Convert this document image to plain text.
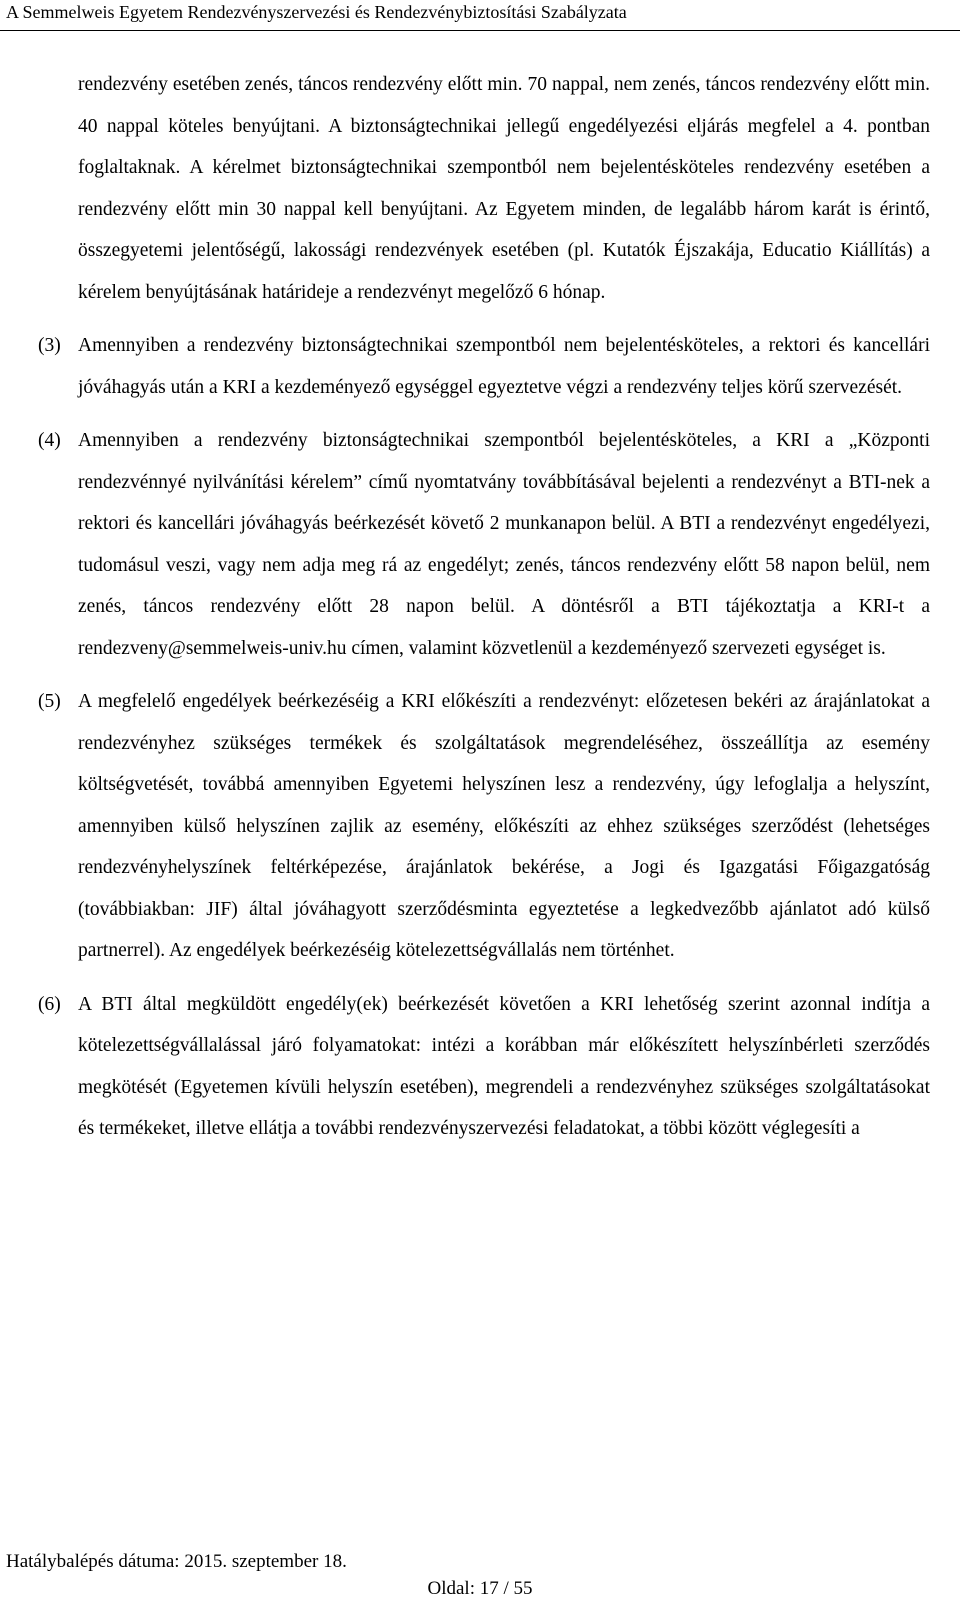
A Semmelweis Egyetem Rendezvényszervezési és Rendezvénybiztosítási Szabályzata

rendezvény esetében zenés, táncos rendezvény előtt min. 70 nappal, nem zenés, táncos rendezvény előtt min. 40 nappal köteles benyújtani. A biztonságtechnikai jellegű engedélyezési eljárás megfelel a 4. pontban foglaltaknak. A kérelmet biztonságtechnikai szempontból nem bejelentésköteles rendezvény esetében a rendezvény előtt min 30 nappal kell benyújtani. Az Egyetem minden, de legalább három karát is érintő, összegyetemi jelentőségű, lakossági rendezvények esetében (pl. Kutatók Éjszakája, Educatio Kiállítás) a kérelem benyújtásának határideje a rendezvényt megelőző 6 hónap.

(3) Amennyiben a rendezvény biztonságtechnikai szempontból nem bejelentésköteles, a rektori és kancellári jóváhagyás után a KRI a kezdeményező egységgel egyeztetve végzi a rendezvény teljes körű szervezését.

(4) Amennyiben a rendezvény biztonságtechnikai szempontból bejelentésköteles, a KRI a „Központi rendezvénnyé nyilvánítási kérelem” című nyomtatvány továbbításával bejelenti a rendezvényt a BTI-nek a rektori és kancellári jóváhagyás beérkezését követő 2 munkanapon belül. A BTI a rendezvényt engedélyezi, tudomásul veszi, vagy nem adja meg rá az engedélyt; zenés, táncos rendezvény előtt 58 napon belül, nem zenés, táncos rendezvény előtt 28 napon belül. A döntésről a BTI tájékoztatja a KRI-t a rendezveny@semmelweis-univ.hu címen, valamint közvetlenül a kezdeményező szervezeti egységet is.

(5) A megfelelő engedélyek beérkezéséig a KRI előkészíti a rendezvényt: előzetesen bekéri az árajánlatokat a rendezvényhez szükséges termékek és szolgáltatások megrendeléséhez, összeállítja az esemény költségvetését, továbbá amennyiben Egyetemi helyszínen lesz a rendezvény, úgy lefoglalja a helyszínt, amennyiben külső helyszínen zajlik az esemény, előkészíti az ehhez szükséges szerződést (lehetséges rendezvényhelyszínek feltérképezése, árajánlatok bekérése, a Jogi és Igazgatási Főigazgatóság (továbbiakban: JIF) által jóváhagyott szerződésminta egyeztetése a legkedvezőbb ajánlatot adó külső partnerrel). Az engedélyek beérkezéséig kötelezettségvállalás nem történhet.

(6) A BTI által megküldött engedély(ek) beérkezését követően a KRI lehetőség szerint azonnal indítja a kötelezettségvállalással járó folyamatokat: intézi a korábban már előkészített helyszínbérleti szerződés megkötését (Egyetemen kívüli helyszín esetében), megrendeli a rendezvényhez szükséges szolgáltatásokat és termékeket, illetve ellátja a további rendezvényszervezési feladatokat, a többi között véglegesíti a

Hatálybalépés dátuma: 2015. szeptember 18.
Oldal: 17 / 55
